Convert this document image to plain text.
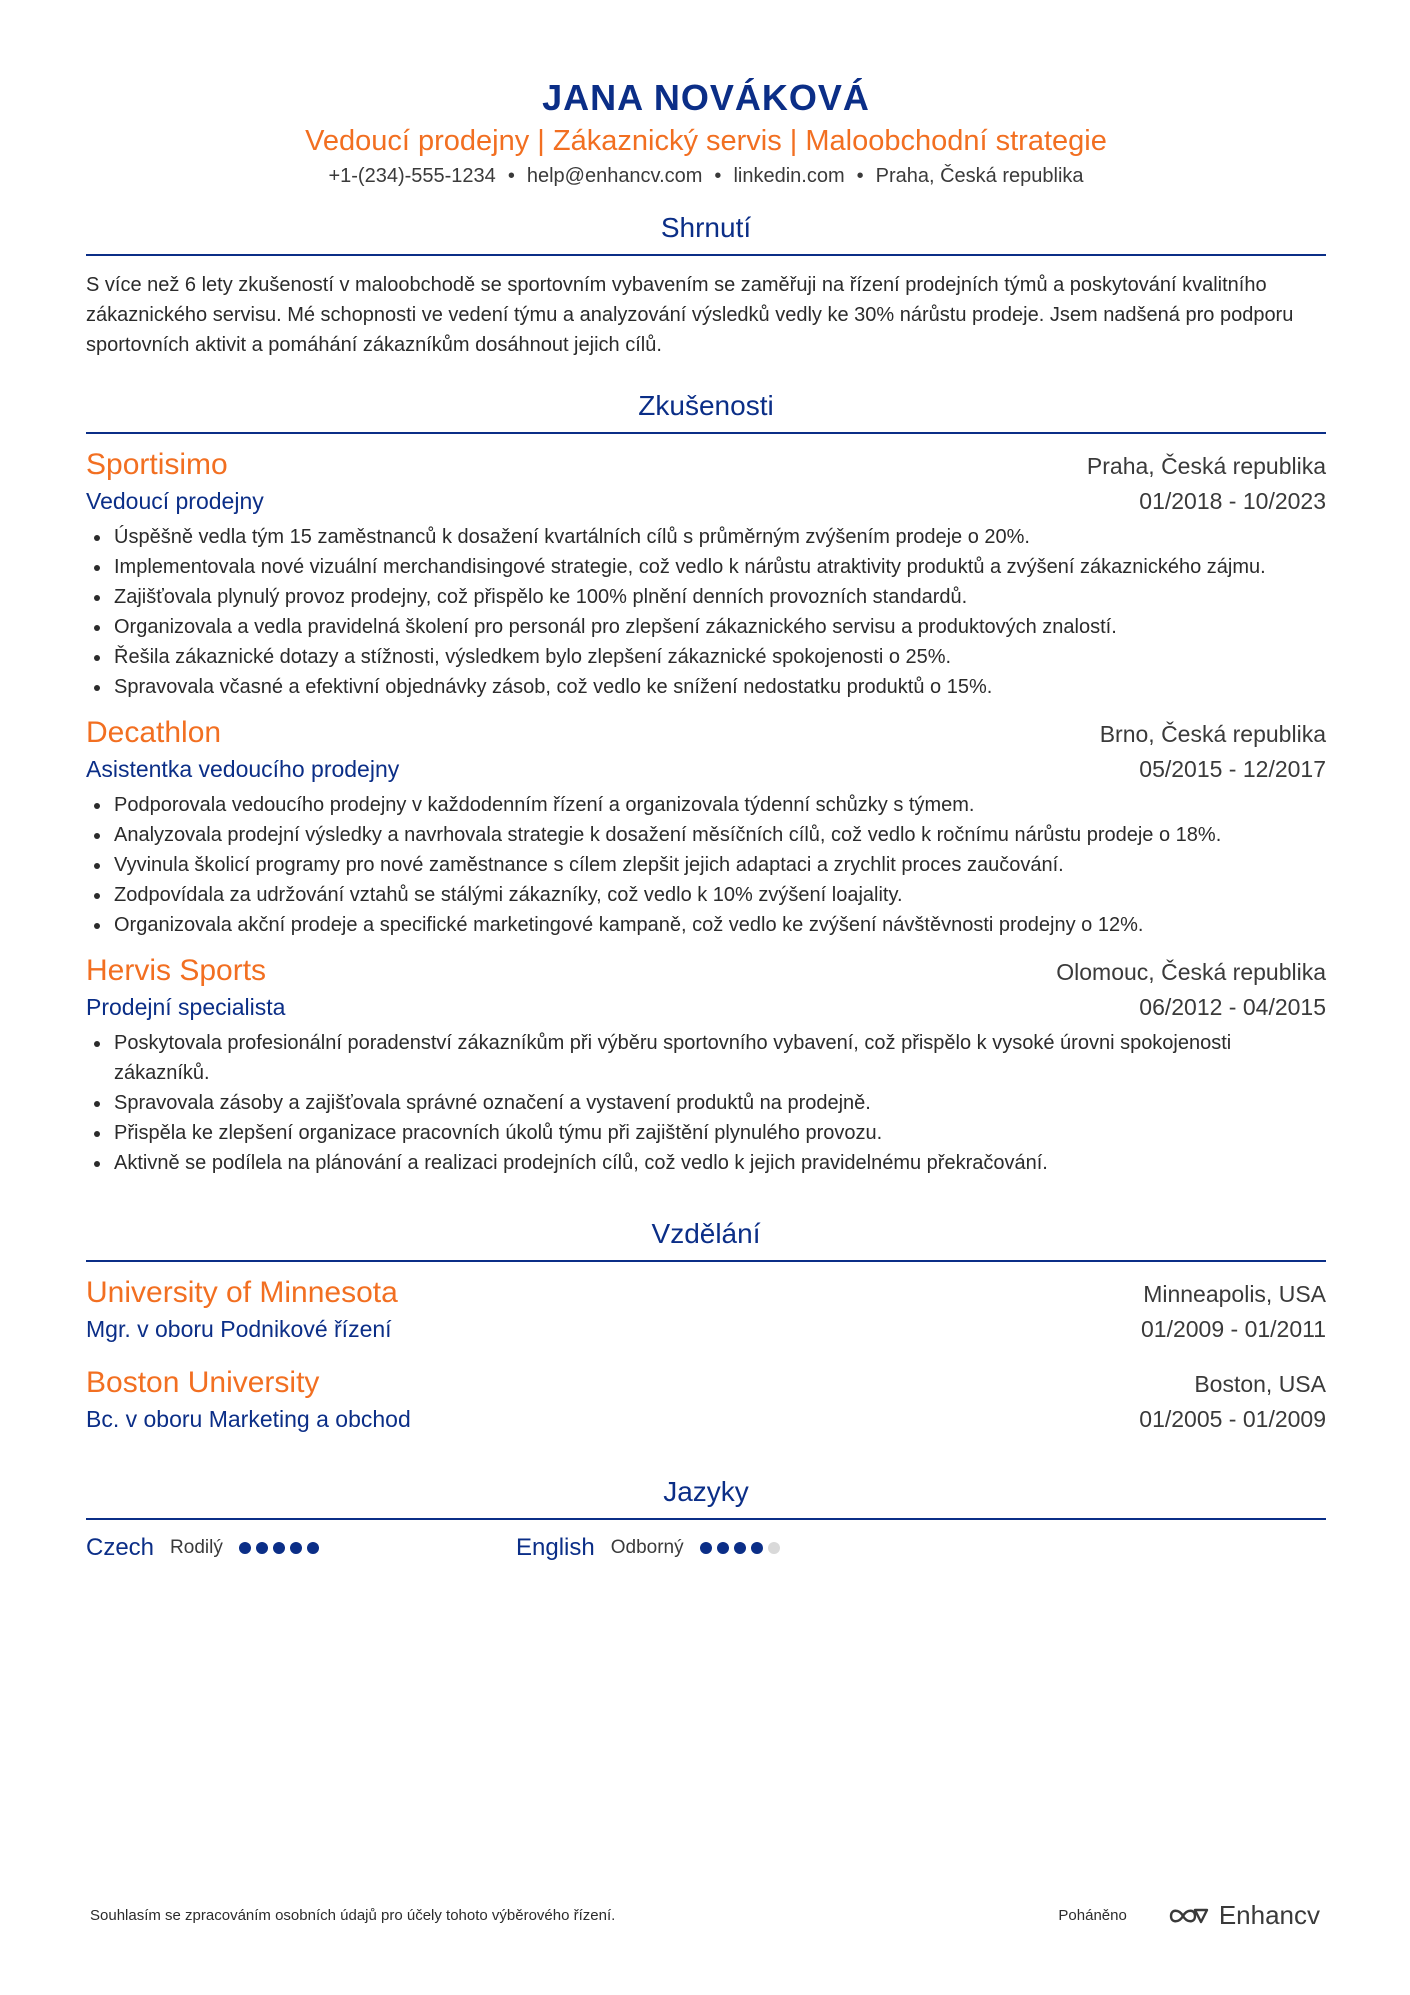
JANA NOVÁKOVÁ
Vedoucí prodejny | Zákaznický servis | Maloobchodní strategie
+1-(234)-555-1234 • help@enhancv.com • linkedin.com • Praha, Česká republika
Shrnutí
S více než 6 lety zkušeností v maloobchodě se sportovním vybavením se zaměřuji na řízení prodejních týmů a poskytování kvalitního zákaznického servisu. Mé schopnosti ve vedení týmu a analyzování výsledků vedly ke 30% nárůstu prodeje. Jsem nadšená pro podporu sportovních aktivit a pomáhání zákazníkům dosáhnout jejich cílů.
Zkušenosti
Sportisimo	Praha, Česká republika
Vedoucí prodejny	01/2018 - 10/2023
Úspěšně vedla tým 15 zaměstnanců k dosažení kvartálních cílů s průměrným zvýšením prodeje o 20%.
Implementovala nové vizuální merchandisingové strategie, což vedlo k nárůstu atraktivity produktů a zvýšení zákaznického zájmu.
Zajišťovala plynulý provoz prodejny, což přispělo ke 100% plnění denních provozních standardů.
Organizovala a vedla pravidelná školení pro personál pro zlepšení zákaznického servisu a produktových znalostí.
Řešila zákaznické dotazy a stížnosti, výsledkem bylo zlepšení zákaznické spokojenosti o 25%.
Spravovala včasné a efektivní objednávky zásob, což vedlo ke snížení nedostatku produktů o 15%.
Decathlon	Brno, Česká republika
Asistentka vedoucího prodejny	05/2015 - 12/2017
Podporovala vedoucího prodejny v každodenním řízení a organizovala týdenní schůzky s týmem.
Analyzovala prodejní výsledky a navrhovala strategie k dosažení měsíčních cílů, což vedlo k ročnímu nárůstu prodeje o 18%.
Vyvinula školicí programy pro nové zaměstnance s cílem zlepšit jejich adaptaci a zrychlit proces zaučování.
Zodpovídala za udržování vztahů se stálými zákazníky, což vedlo k 10% zvýšení loajality.
Organizovala akční prodeje a specifické marketingové kampaně, což vedlo ke zvýšení návštěvnosti prodejny o 12%.
Hervis Sports	Olomouc, Česká republika
Prodejní specialista	06/2012 - 04/2015
Poskytovala profesionální poradenství zákazníkům při výběru sportovního vybavení, což přispělo k vysoké úrovni spokojenosti zákazníků.
Spravovala zásoby a zajišťovala správné označení a vystavení produktů na prodejně.
Přispěla ke zlepšení organizace pracovních úkolů týmu při zajištění plynulého provozu.
Aktivně se podílela na plánování a realizaci prodejních cílů, což vedlo k jejich pravidelnému překračování.
Vzdělání
University of Minnesota	Minneapolis, USA
Mgr. v oboru Podnikové řízení	01/2009 - 01/2011
Boston University	Boston, USA
Bc. v oboru Marketing a obchod	01/2005 - 01/2009
Jazyky
Czech Rodilý	English Odborný
Souhlasím se zpracováním osobních údajů pro účely tohoto výběrového řízení.	Poháněno	Enhancv
